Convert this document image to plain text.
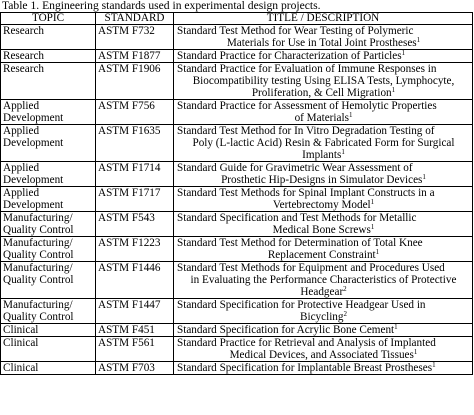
Table 1. Engineering standards used in experimental design projects.
TOPIC	STANDARD	TITLE / DESCRIPTION

Research	ASTM F732	Standard Test Method for Wear Testing of Polymeric
Materials for Use in Total Joint Prostheses$^1$

Research	ASTM F1877	Standard Practice for Characterization of Particles$^1$

Research	ASTM F1906	Standard Practice for Evaluation of Immune Responses in
Biocompatibility testing Using ELISA Tests, Lymphocyte,
Proliferation, & Cell Migration$^1$

Applied
Development	ASTM F756	Standard Practice for Assessment of Hemolytic Properties
of Materials$^1$

Applied
Development	ASTM F1635	Standard Test Method for In Vitro Degradation Testing of
Poly (L-lactic Acid) Resin & Fabricated Form for Surgical
Implants$^1$

Applied
Development	ASTM F1714	Standard Guide for Gravimetric Wear Assessment of
Prosthetic Hip-Designs in Simulator Devices$^1$

Applied
Development	ASTM F1717	Standard Test Methods for Spinal Implant Constructs in a
Vertebrectomy Model$^1$

Manufacturing/
Quality Control	ASTM F543	Standard Specification and Test Methods for Metallic
Medical Bone Screws$^1$

Manufacturing/
Quality Control	ASTM F1223	Standard Test Method for Determination of Total Knee
Replacement Constraint$^1$

Manufacturing/
Quality Control	ASTM F1446	Standard Test Methods for Equipment and Procedures Used
in Evaluating the Performance Characteristics of Protective
Headgear$^2$

Manufacturing/
Quality Control	ASTM F1447	Standard Specification for Protective Headgear Used in
Bicycling$^2$

Clinical	ASTM F451	Standard Specification for Acrylic Bone Cement$^1$

Clinical	ASTM F561	Standard Practice for Retrieval and Analysis of Implanted
Medical Devices, and Associated Tissues$^1$

Clinical	ASTM F703	Standard Specification for Implantable Breast Prostheses$^1$
